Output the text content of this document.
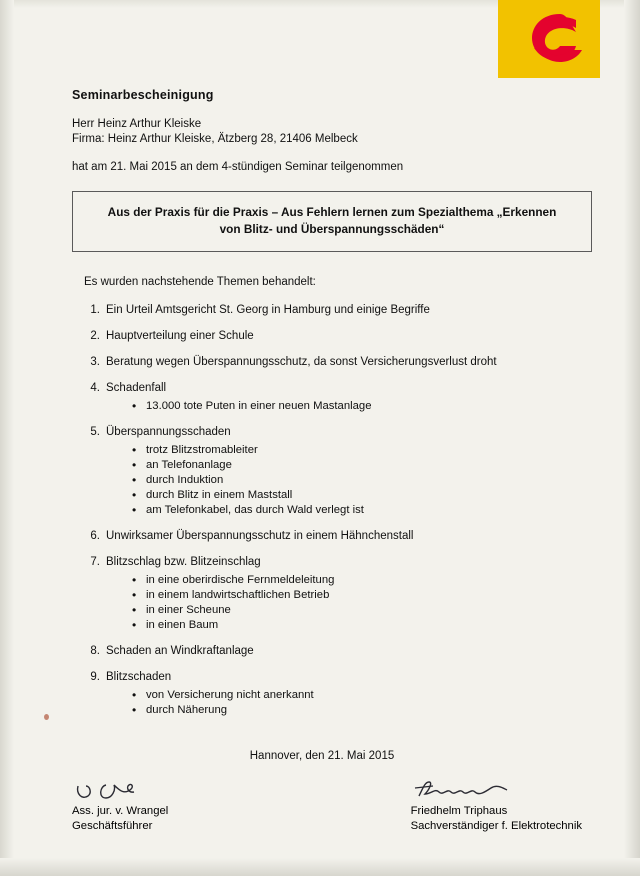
Seminarbescheinigung

Herr Heinz Arthur Kleiske

Firma: Heinz Arthur Kleiske, Ätzberg 28, 21406 Melbeck

hat am 21. Mai 2015 an dem 4-stündigen Seminar teilgenommen

Aus der Praxis für die Praxis – Aus Fehlern lernen zum Spezialthema „Erkennen von Blitz- und Überspannungsschäden“

Es wurden nachstehende Themen behandelt:

1. Ein Urteil Amtsgericht St. Georg in Hamburg und einige Begriffe
2. Hauptverteilung einer Schule
3. Beratung wegen Überspannungsschutz, da sonst Versicherungsverlust droht
4. Schadenfall
• 13.000 tote Puten in einer neuen Mastanlage
5. Überspannungsschaden
• trotz Blitzstromableiter
• an Telefonanlage
• durch Induktion
• durch Blitz in einem Maststall
• am Telefonkabel, das durch Wald verlegt ist
6. Unwirksamer Überspannungsschutz in einem Hähnchenstall
7. Blitzschlag bzw. Blitzeinschlag
• in eine oberirdische Fernmeldeleitung
• in einem landwirtschaftlichen Betrieb
• in einer Scheune
• in einen Baum
8. Schaden an Windkraftanlage
9. Blitzschaden
• von Versicherung nicht anerkannt
• durch Näherung

Hannover, den 21. Mai 2015

Ass. jur. v. Wrangel
Geschäftsführer
Friedhelm Triphaus
Sachverständiger f. Elektrotechnik
